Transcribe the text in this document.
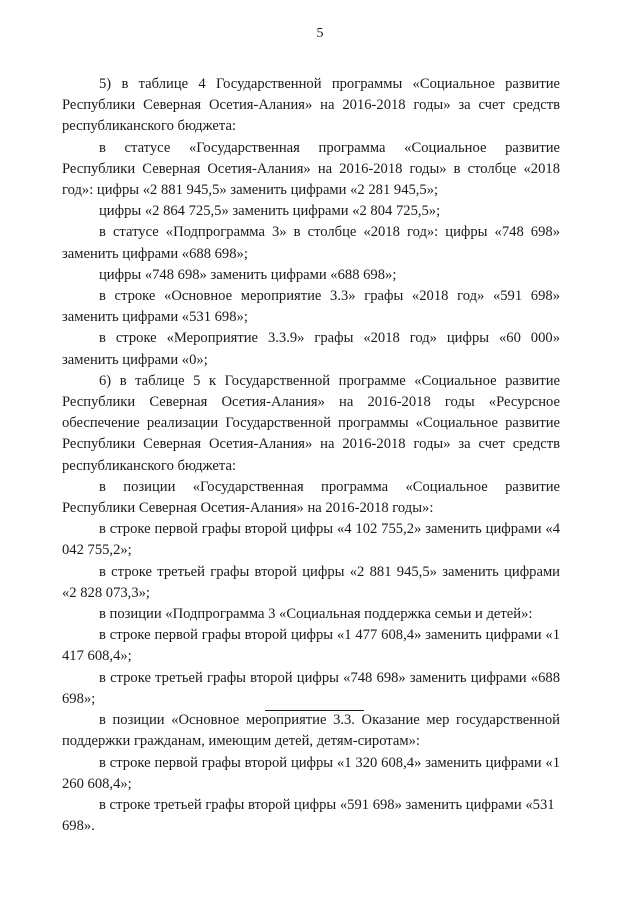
5

5) в таблице 4 Государственной программы «Социальное развитие Республики Северная Осетия-Алания» на 2016-2018 годы» за счет средств республиканского бюджета:

в статусе «Государственная программа «Социальное развитие Республики Северная Осетия-Алания» на 2016-2018 годы» в столбце «2018 год»: цифры «2 881 945,5» заменить цифрами «2 281 945,5»;

цифры «2 864 725,5» заменить цифрами «2 804 725,5»;

в статусе «Подпрограмма 3» в столбце «2018 год»: цифры «748 698» заменить цифрами «688 698»;

цифры «748 698» заменить цифрами «688 698»;

в строке «Основное мероприятие 3.3» графы «2018 год» «591 698» заменить цифрами «531 698»;

в строке «Мероприятие 3.3.9» графы «2018 год» цифры «60 000» заменить цифрами «0»;

6) в таблице 5 к Государственной программе «Социальное развитие Республики Северная Осетия-Алания» на 2016-2018 годы «Ресурсное обеспечение реализации Государственной программы «Социальное развитие Республики Северная Осетия-Алания» на 2016-2018 годы» за счет средств республиканского бюджета:

в позиции «Государственная программа «Социальное развитие Республики Северная Осетия-Алания» на 2016-2018 годы»:

в строке первой графы второй цифры «4 102 755,2» заменить цифрами «4 042 755,2»;

в строке третьей графы второй цифры «2 881 945,5» заменить цифрами «2 828 073,3»;

в позиции «Подпрограмма 3 «Социальная поддержка семьи и детей»:

в строке первой графы второй цифры «1 477 608,4» заменить цифрами «1 417 608,4»;

в строке третьей графы второй цифры «748 698» заменить цифрами «688 698»;

в позиции «Основное мероприятие 3.3. Оказание мер государственной поддержки гражданам, имеющим детей, детям-сиротам»:

в строке первой графы второй цифры «1 320 608,4» заменить цифрами «1 260 608,4»;

в строке третьей графы второй цифры «591 698» заменить цифрами «531 698».
